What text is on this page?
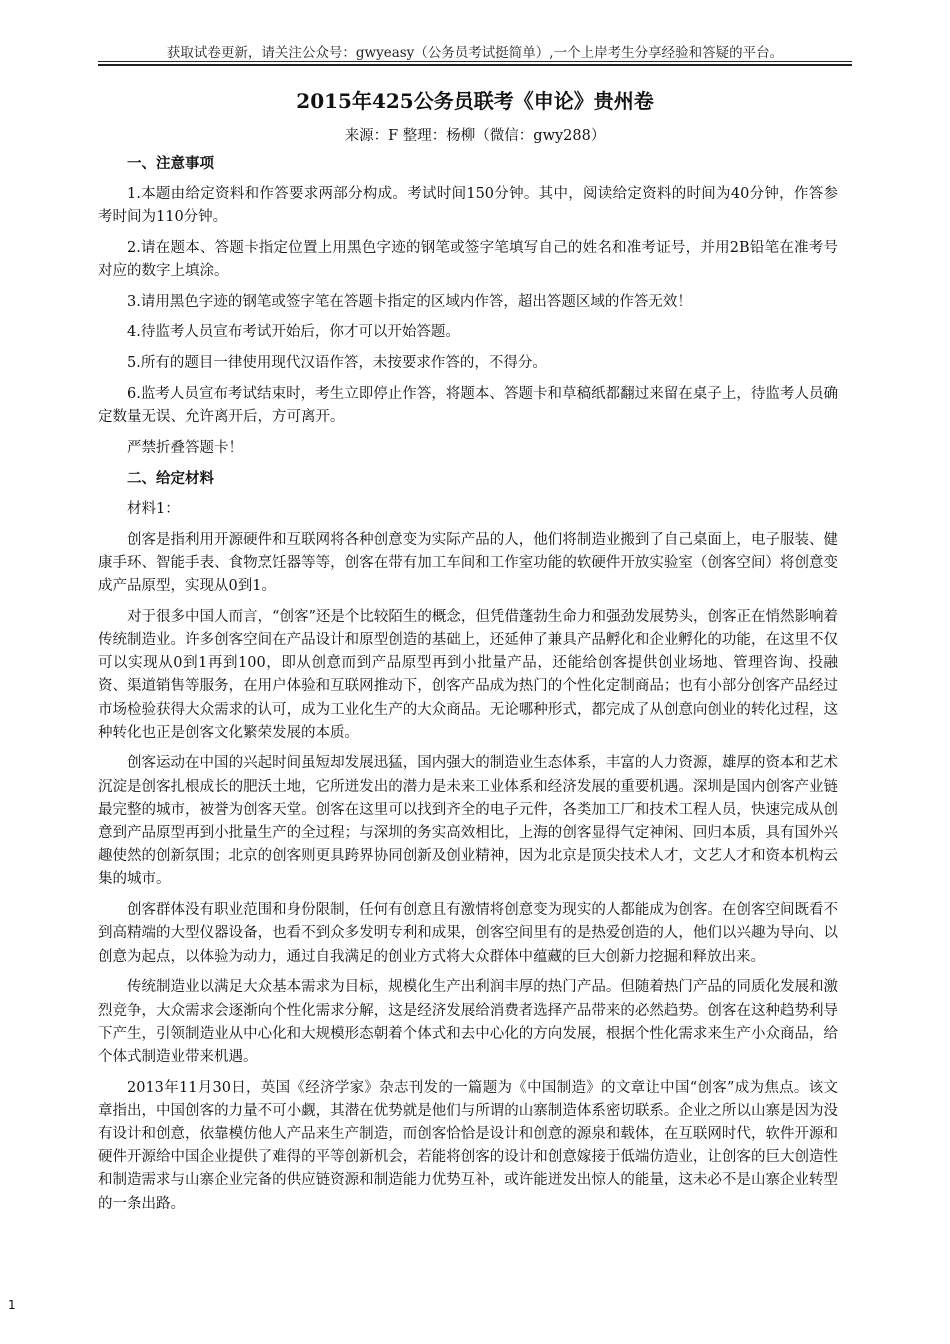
获取试卷更新，请关注公众号：gwyeasy（公务员考试挺简单）,一个上岸考生分享经验和答疑的平台。
2015年425公务员联考《申论》贵州卷
来源：F 整理：杨柳（微信：gwy288）
一、注意事项

1.本题由给定资料和作答要求两部分构成。考试时间150分钟。其中，阅读给定资料的时间为40分钟，作答参考时间为110分钟。

2.请在题本、答题卡指定位置上用黑色字迹的钢笔或签字笔填写自己的姓名和准考证号，并用2B铅笔在准考号对应的数字上填涂。

3.请用黑色字迹的钢笔或签字笔在答题卡指定的区域内作答，超出答题区域的作答无效！

4.待监考人员宣布考试开始后，你才可以开始答题。

5.所有的题目一律使用现代汉语作答，未按要求作答的，不得分。

6.监考人员宣布考试结束时，考生立即停止作答，将题本、答题卡和草稿纸都翻过来留在桌子上，待监考人员确定数量无误、允许离开后，方可离开。

严禁折叠答题卡！

二、给定材料

材料1：

创客是指利用开源硬件和互联网将各种创意变为实际产品的人，他们将制造业搬到了自己桌面上，电子服装、健康手环、智能手表、食物烹饪器等等，创客在带有加工车间和工作室功能的软硬件开放实验室（创客空间）将创意变成产品原型，实现从0到1。

对于很多中国人而言，“创客”还是个比较陌生的概念，但凭借蓬勃生命力和强劲发展势头，创客正在悄然影响着传统制造业。许多创客空间在产品设计和原型创造的基础上，还延伸了兼具产品孵化和企业孵化的功能，在这里不仅可以实现从0到1再到100，即从创意而到产品原型再到小批量产品，还能给创客提供创业场地、管理咨询、投融资、渠道销售等服务，在用户体验和互联网推动下，创客产品成为热门的个性化定制商品；也有小部分创客产品经过市场检验获得大众需求的认可，成为工业化生产的大众商品。无论哪种形式，都完成了从创意向创业的转化过程，这种转化也正是创客文化繁荣发展的本质。

创客运动在中国的兴起时间虽短却发展迅猛，国内强大的制造业生态体系，丰富的人力资源，雄厚的资本和艺术沉淀是创客扎根成长的肥沃土地，它所迸发出的潜力是未来工业体系和经济发展的重要机遇。深圳是国内创客产业链最完整的城市，被誉为创客天堂。创客在这里可以找到齐全的电子元件，各类加工厂和技术工程人员，快速完成从创意到产品原型再到小批量生产的全过程；与深圳的务实高效相比，上海的创客显得气定神闲、回归本质，具有国外兴趣使然的创新氛围；北京的创客则更具跨界协同创新及创业精神，因为北京是顶尖技术人才，文艺人才和资本机构云集的城市。

创客群体没有职业范围和身份限制，任何有创意且有激情将创意变为现实的人都能成为创客。在创客空间既看不到高精端的大型仪器设备，也看不到众多发明专利和成果，创客空间里有的是热爱创造的人，他们以兴趣为导向、以创意为起点，以体验为动力，通过自我满足的创业方式将大众群体中蕴藏的巨大创新力挖掘和释放出来。

传统制造业以满足大众基本需求为目标，规模化生产出利润丰厚的热门产品。但随着热门产品的同质化发展和激烈竞争，大众需求会逐渐向个性化需求分解，这是经济发展给消费者选择产品带来的必然趋势。创客在这种趋势利导下产生，引领制造业从中心化和大规模形态朝着个体式和去中心化的方向发展，根据个性化需求来生产小众商品，给个体式制造业带来机遇。

2013年11月30日，英国《经济学家》杂志刊发的一篇题为《中国制造》的文章让中国“创客”成为焦点。该文章指出，中国创客的力量不可小觑，其潜在优势就是他们与所谓的山寨制造体系密切联系。企业之所以山寨是因为没有设计和创意，依靠模仿他人产品来生产制造，而创客恰恰是设计和创意的源泉和载体，在互联网时代，软件开源和硬件开源给中国企业提供了难得的平等创新机会，若能将创客的设计和创意嫁接于低端仿造业，让创客的巨大创造性和制造需求与山寨企业完备的供应链资源和制造能力优势互补，或许能迸发出惊人的能量，这未必不是山寨企业转型的一条出路。

1
